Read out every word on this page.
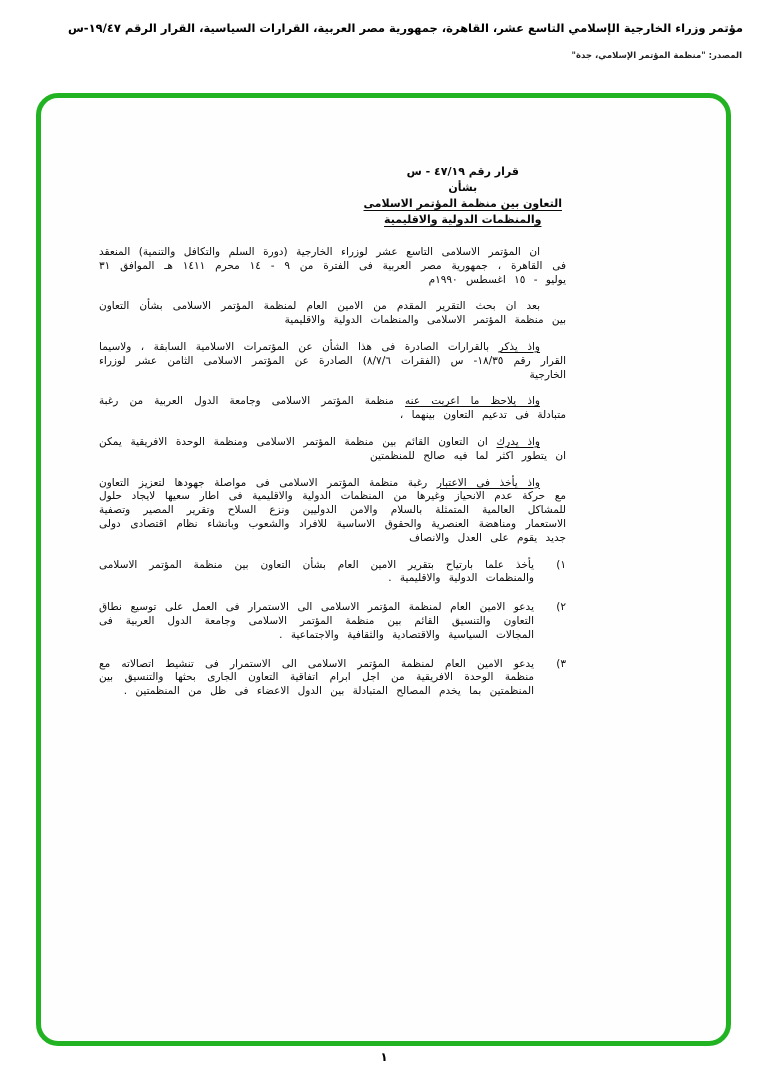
مؤتمر وزراء الخارجية الإسلامي التاسع عشر، القاهرة، جمهورية مصر العربية، القرارات السياسية، القرار الرقم ١٩/٤٧-س
المصدر: "منظمة المؤتمر الإسلامي، جدة"
قرار رقم ٤٧/١٩ - س
بشأن
التعاون بين منظمة المؤتمر الاسلامى
والمنظمات الدولية والاقليمية

ان المؤتمر الاسلامى التاسع عشر لوزراء الخارجية (دورة السلم والتكافل والتنمية) المنعقد فى القاهرة ، جمهورية مصر العربية فى الفترة من ٩ - ١٤ محرم ١٤١١ هـ الموافق ٣١ يوليو - ١٥ اغسطس ١٩٩٠م

بعد ان بحث التقرير المقدم من الامين العام لمنظمة المؤتمر الاسلامى بشأن التعاون بين منظمة المؤتمر الاسلامى والمنظمات الدولية والاقليمية

واذ يذكر بالقرارات الصادرة فى هذا الشأن عن المؤتمرات الاسلامية السابقة ، ولاسيما القرار رقم ١٨/٣٥- س (الفقرات ٨/٧/٦) الصادرة عن المؤتمر الاسلامى الثامن عشر لوزراء الخارجية

واذ يلاحظ ما اعربت عنه منظمة المؤتمر الاسلامى وجامعة الدول العربية من رغبة متبادلة فى تدعيم التعاون بينهما ،

واذ يدرك ان التعاون القائم بين منظمة المؤتمر الاسلامى ومنظمة الوحدة الافريقية يمكن ان يتطور اكثر لما فيه صالح للمنظمتين

واذ يأخذ فى الاعتبار رغبة منظمة المؤتمر الاسلامى فى مواصلة جهودها لتعزيز التعاون مع حركة عدم الانحياز وغيرها من المنظمات الدولية والاقليمية فى اطار سعيها لايجاد حلول للمشاكل العالمية المتمثلة بالسلام والامن الدوليين ونزع السلاح وتقرير المصير وتصفية الاستعمار ومناهضة العنصرية والحقوق الاساسية للافراد والشعوب وبانشاء نظام اقتصادى دولى جديد يقوم على العدل والانصاف

١)
يأخذ علما بارتياح بتقرير الامين العام بشأن التعاون بين منظمة المؤتمر الاسلامى والمنظمات الدولية والاقليمية .
٢)
يدعو الامين العام لمنظمة المؤتمر الاسلامى الى الاستمرار فى العمل على توسيع نطاق التعاون والتنسيق القائم بين منظمة المؤتمر الاسلامى وجامعة الدول العربية فى المجالات السياسية والاقتصادية والثقافية والاجتماعية .
٣)
يدعو الامين العام لمنظمة المؤتمر الاسلامى الى الاستمرار فى تنشيط اتصالاته مع منظمة الوحدة الافريقية من اجل ابرام اتفاقية التعاون الجارى بحثها والتنسيق بين المنظمتين بما يخدم المصالح المتبادلة بين الدول الاعضاء فى ظل من المنظمتين .
١
